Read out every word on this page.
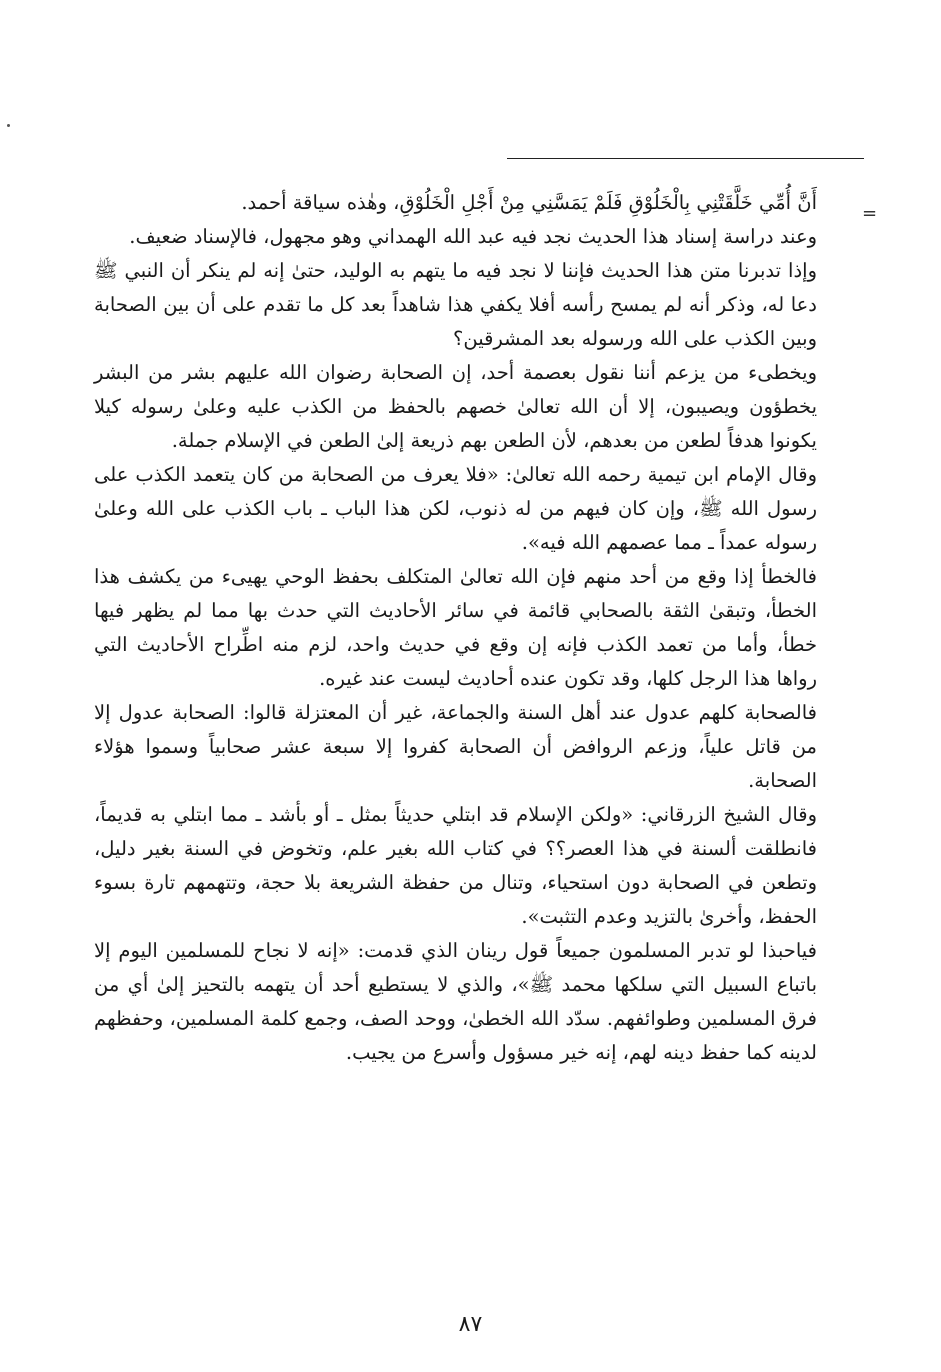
=

أَنَّ أُمِّي خَلَّقَتْنِي بِالْخَلُوْقِ فَلَمْ يَمَسَّنِي مِنْ أَجْلِ الْخَلُوْقِ، وهٰذه سياقة أحمد.

وعند دراسة إسناد هذا الحديث نجد فيه عبد الله الهمداني وهو مجهول، فالإسناد ضعيف.

وإذا تدبرنا متن هذا الحديث فإننا لا نجد فيه ما يتهم به الوليد، حتىٰ إنه لم ينكر أن النبي ﷺ دعا له، وذكر أنه لم يمسح رأسه أفلا يكفي هذا شاهداً بعد كل ما تقدم على أن بين الصحابة وبين الكذب على الله ورسوله بعد المشرقين؟

ويخطىء من يزعم أننا نقول بعصمة أحد، إن الصحابة رضوان الله عليهم بشر من البشر يخطؤون ويصيبون، إلا أن الله تعالىٰ خصهم بالحفظ من الكذب عليه وعلىٰ رسوله كيلا يكونوا هدفاً لطعن من بعدهم، لأن الطعن بهم ذريعة إلىٰ الطعن في الإسلام جملة.

وقال الإمام ابن تيمية رحمه الله تعالىٰ: «فلا يعرف من الصحابة من كان يتعمد الكذب على رسول الله ﷺ، وإن كان فيهم من له ذنوب، لكن هذا الباب ـ باب الكذب على الله وعلىٰ رسوله عمداً ـ مما عصمهم الله فيه».

فالخطأ إذا وقع من أحد منهم فإن الله تعالىٰ المتكلف بحفظ الوحي يهيىء من يكشف هذا الخطأ، وتبقىٰ الثقة بالصحابي قائمة في سائر الأحاديث التي حدث بها مما لم يظهر فيها خطأ، وأما من تعمد الكذب فإنه إن وقع في حديث واحد، لزم منه اطِّراح الأحاديث التي رواها هذا الرجل كلها، وقد تكون عنده أحاديث ليست عند غيره.

فالصحابة كلهم عدول عند أهل السنة والجماعة، غير أن المعتزلة قالوا: الصحابة عدول إلا من قاتل علياً، وزعم الروافض أن الصحابة كفروا إلا سبعة عشر صحابياً وسموا هؤلاء الصحابة.

وقال الشيخ الزرقاني: «ولكن الإسلام قد ابتلي حديثاً بمثل ـ أو بأشد ـ مما ابتلي به قديماً، فانطلقت ألسنة في هذا العصر؟؟ في كتاب الله بغير علم، وتخوض في السنة بغير دليل، وتطعن في الصحابة دون استحياء، وتنال من حفظة الشريعة بلا حجة، وتتهمهم تارة بسوء الحفظ، وأخرىٰ بالتزيد وعدم التثبت».

فياحبذا لو تدبر المسلمون جميعاً قول رينان الذي قدمت: «إنه لا نجاح للمسلمين اليوم إلا باتباع السبيل التي سلكها محمد ﷺ»، والذي لا يستطيع أحد أن يتهمه بالتحيز إلىٰ أي من فرق المسلمين وطوائفهم. سدّد الله الخطىٰ، ووحد الصف، وجمع كلمة المسلمين، وحفظهم لدينه كما حفظ دينه لهم، إنه خير مسؤول وأسرع من يجيب.

٨٧
